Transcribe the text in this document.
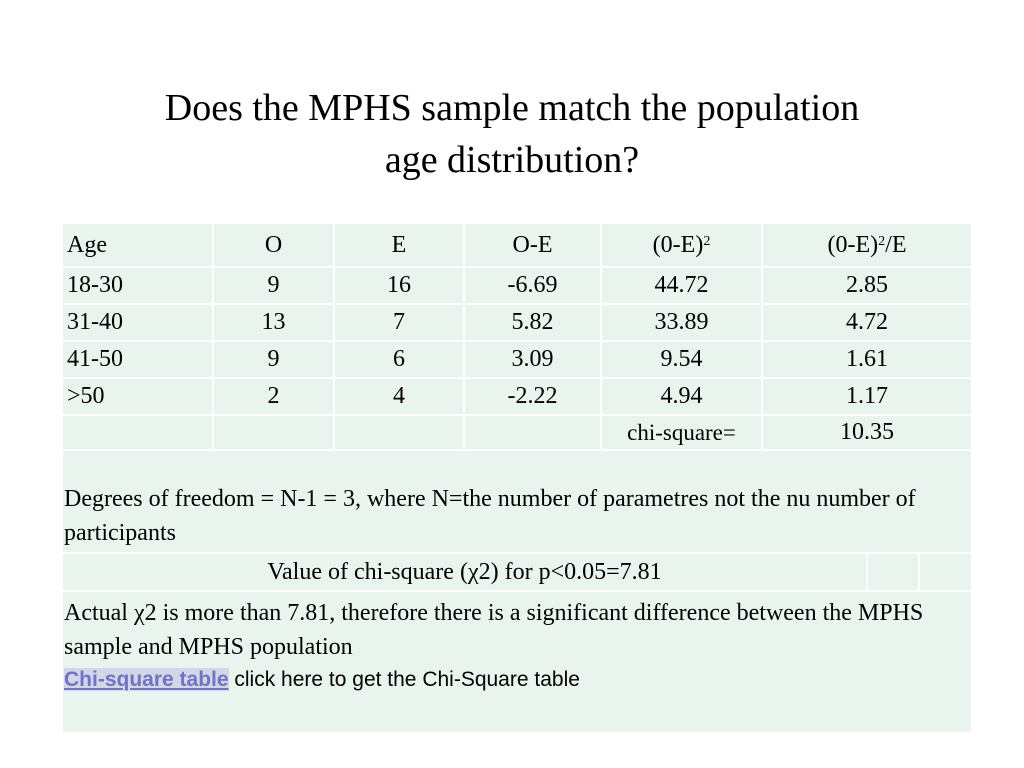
Does the MPHS sample match the population
age distribution?
Age	O	E	O-E	$(0-E)^2$	$(0-E)^2/E$		
18-30	9	16	-6.69	44.72	2.85		
31-40	13	7	5.82	33.89	4.72		
41-50	9	6	3.09	9.54	1.61		
>50	2	4	-2.22	4.94	1.17		
				chi-square=	10.35		
Degrees of freedom = N-1 = 3, where N=the number of parametres not the nu number of participants							
Value of chi-square (χ2) for p<0.05=7.81							

Actual χ2 is more than 7.81, therefore there is a significant difference between the MPHS sample and MPHS population
Chi-square table click here to get the Chi-Square table							
